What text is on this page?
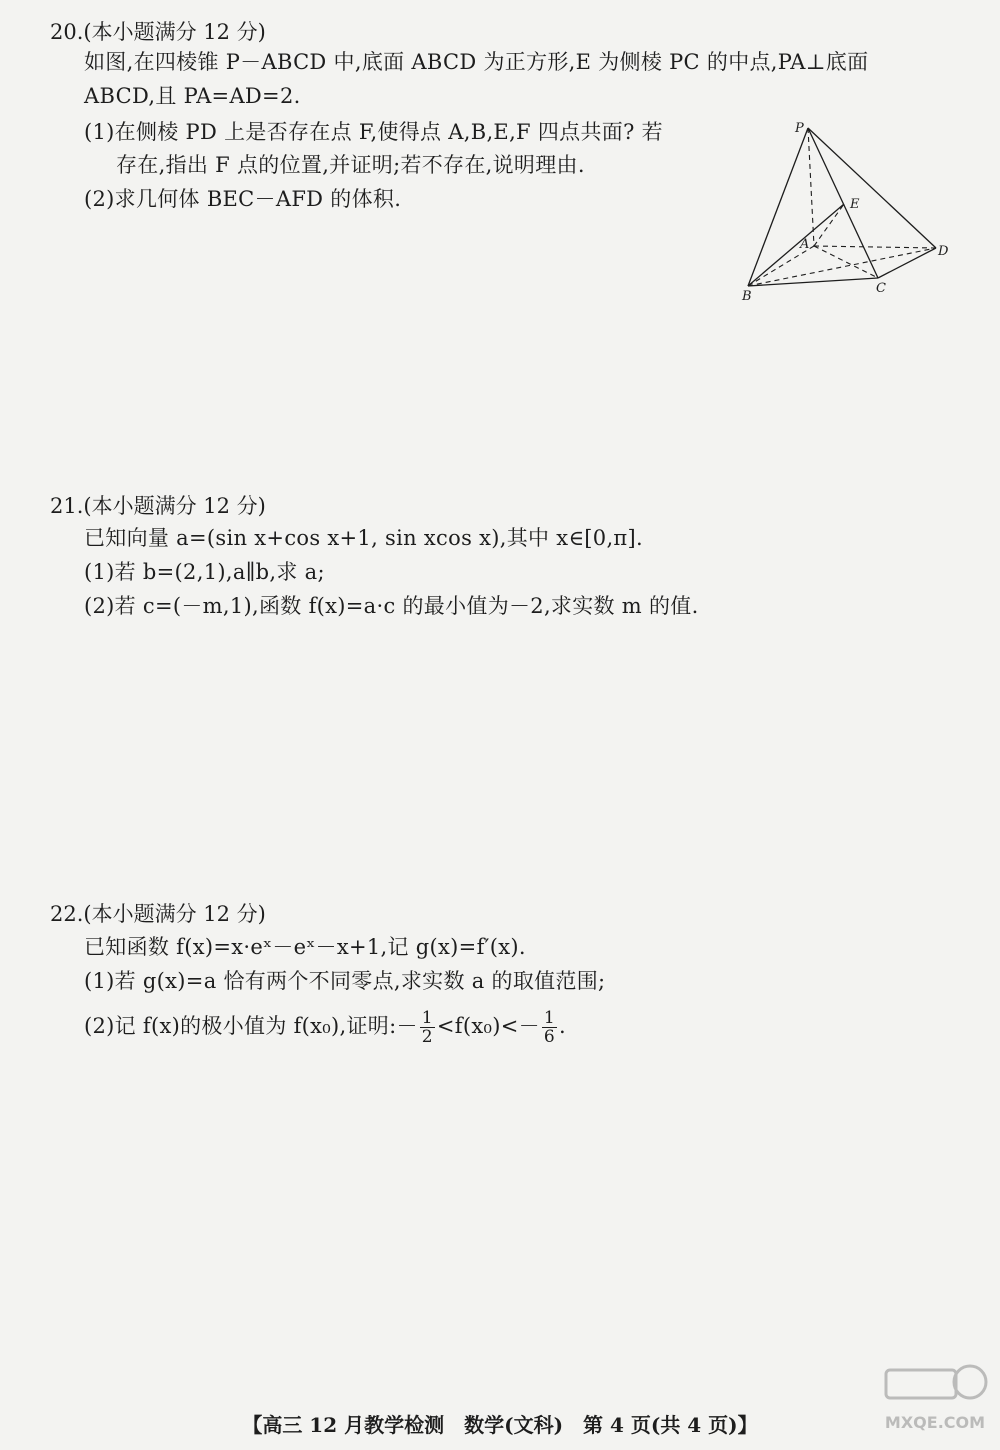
20.(本小题满分 12 分)
如图,在四棱锥 P－ABCD 中,底面 ABCD 为正方形,E 为侧棱 PC 的中点,PA⊥底面
ABCD,且 PA=AD=2.
(1)在侧棱 PD 上是否存在点 F,使得点 A,B,E,F 四点共面? 若
存在,指出 F 点的位置,并证明;若不存在,说明理由.
(2)求几何体 BEC－AFD 的体积.
P
E
A	D
B
C
21.(本小题满分 12 分)
已知向量 a=(sin x+cos x+1, sin xcos x),其中 x∈[0,π].
(1)若 b=(2,1),a∥b,求 a;
(2)若 c=(－m,1),函数 f(x)=a·c 的最小值为－2,求实数 m 的值.
22.(本小题满分 12 分)
已知函数 f(x)=x·eˣ－eˣ－x+1,记 g(x)=f′(x).
(1)若 g(x)=a 恰有两个不同零点,求实数 a 的取值范围;
(2)记 f(x)的极小值为 f(x₀),证明:－ $\frac{1}{2} <f(x_0)<- \frac{1}{6}$ .
【高三 12 月教学检测　数学(文科)　第 4 页(共 4 页)】	MXQE.COM
